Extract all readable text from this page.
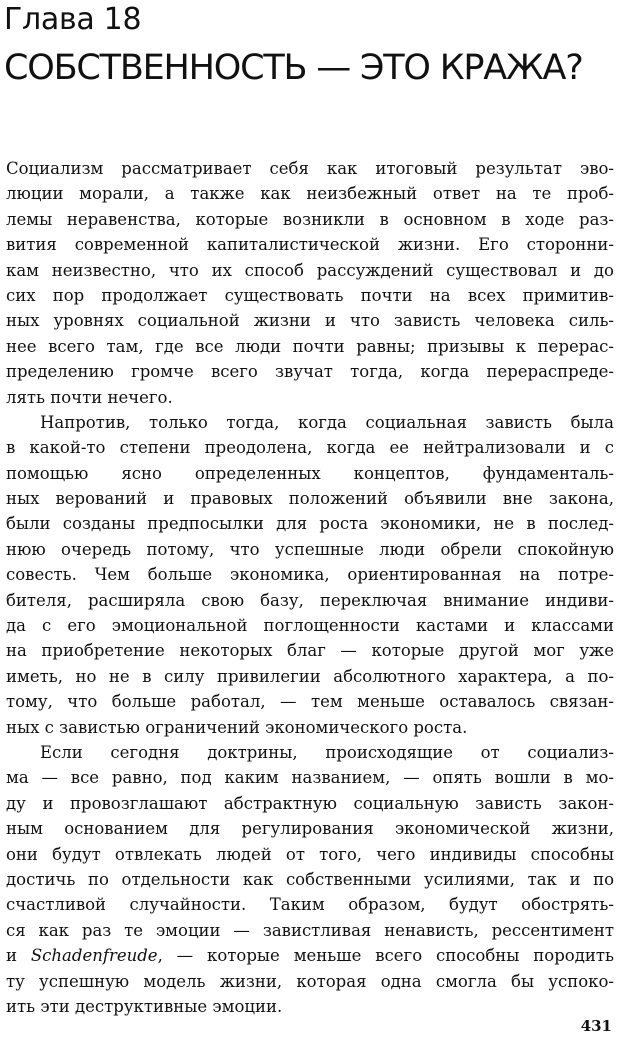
Глава 18
СОБСТВЕННОСТЬ — ЭТО КРАЖА?
Социализм рассматривает себя как итоговый результат эво-
люции морали, а также как неизбежный ответ на те проб-
лемы неравенства, которые возникли в основном в ходе раз-
вития современной капиталистической жизни. Его сторонни-
кам неизвестно, что их способ рассуждений существовал и до
сих пор продолжает существовать почти на всех примитив-
ных уровнях социальной жизни и что зависть человека силь-
нее всего там, где все люди почти равны; призывы к перерас-
пределению громче всего звучат тогда, когда перераспреде-
лять почти нечего.
Напротив, только тогда, когда социальная зависть была
в какой-то степени преодолена, когда ее нейтрализовали и с
помощью ясно определенных концептов, фундаменталь-
ных верований и правовых положений объявили вне закона,
были созданы предпосылки для роста экономики, не в послед-
нюю очередь потому, что успешные люди обрели спокойную
совесть. Чем больше экономика, ориентированная на потре-
бителя, расширяла свою базу, переключая внимание индиви-
да с его эмоциональной поглощенности кастами и классами
на приобретение некоторых благ — которые другой мог уже
иметь, но не в силу привилегии абсолютного характера, а по-
тому, что больше работал, — тем меньше оставалось связан-
ных с завистью ограничений экономического роста.
Если сегодня доктрины, происходящие от социализ-
ма — все равно, под каким названием, — опять вошли в мо-
ду и провозглашают абстрактную социальную зависть закон-
ным основанием для регулирования экономической жизни,
они будут отвлекать людей от того, чего индивиды способны
достичь по отдельности как собственными усилиями, так и по
счастливой случайности. Таким образом, будут обострять-
ся как раз те эмоции — завистливая ненависть, рессентимент
и Schadenfreude, — которые меньше всего способны породить
ту успешную модель жизни, которая одна смогла бы успоко-
ить эти деструктивные эмоции.
431
